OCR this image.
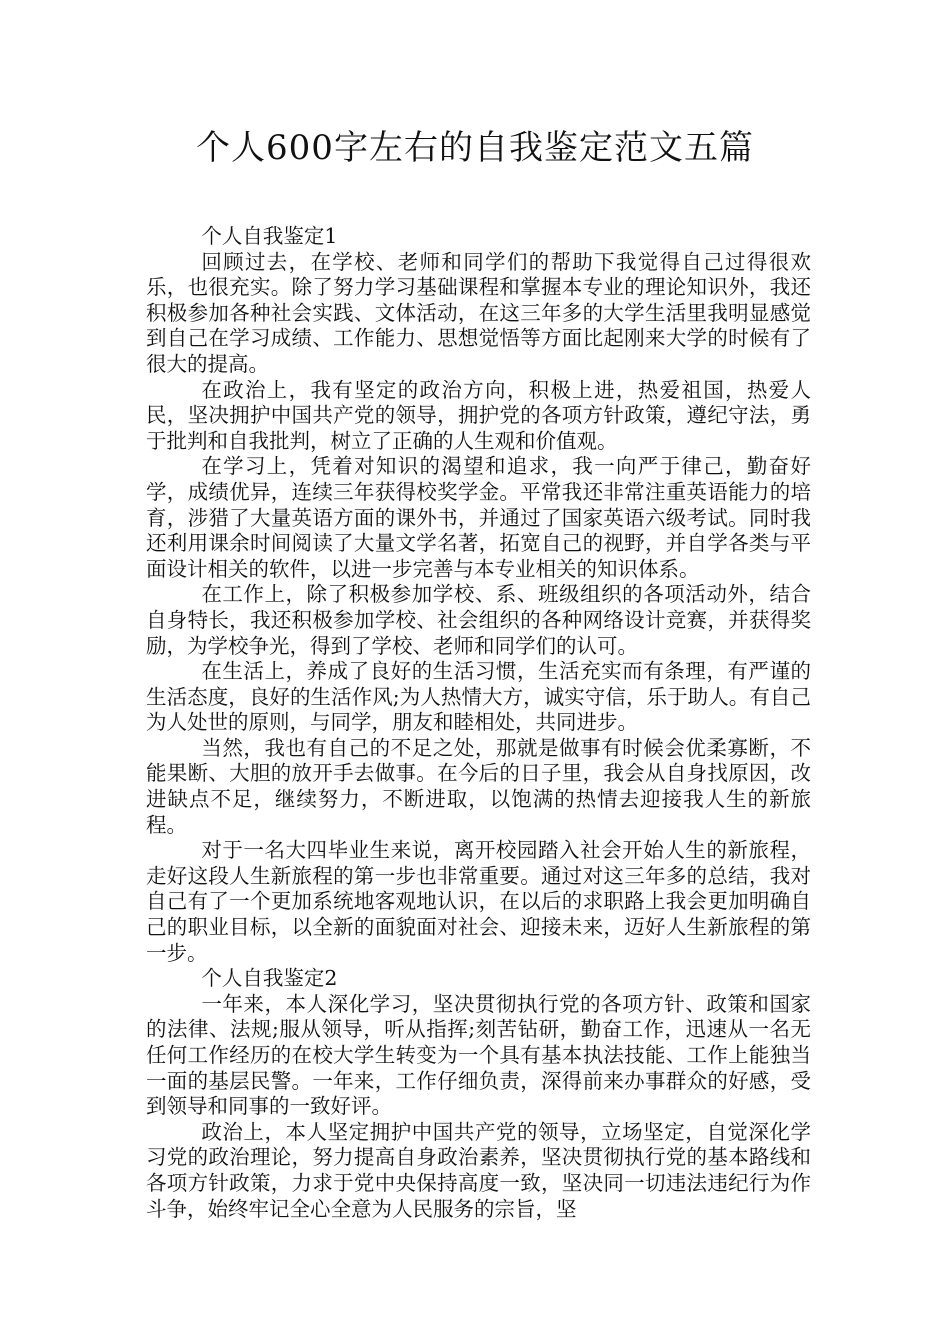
个人600字左右的自我鉴定范文五篇

个人自我鉴定1

回顾过去，在学校、老师和同学们的帮助下我觉得自己过得很欢乐，也很充实。除了努力学习基础课程和掌握本专业的理论知识外，我还积极参加各种社会实践、文体活动，在这三年多的大学生活里我明显感觉到自己在学习成绩、工作能力、思想觉悟等方面比起刚来大学的时候有了很大的提高。

在政治上，我有坚定的政治方向，积极上进，热爱祖国，热爱人民，坚决拥护中国共产党的领导，拥护党的各项方针政策，遵纪守法，勇于批判和自我批判，树立了正确的人生观和价值观。

在学习上，凭着对知识的渴望和追求，我一向严于律己，勤奋好学，成绩优异，连续三年获得校奖学金。平常我还非常注重英语能力的培育，涉猎了大量英语方面的课外书，并通过了国家英语六级考试。同时我还利用课余时间阅读了大量文学名著，拓宽自己的视野，并自学各类与平面设计相关的软件，以进一步完善与本专业相关的知识体系。

在工作上，除了积极参加学校、系、班级组织的各项活动外，结合自身特长，我还积极参加学校、社会组织的各种网络设计竞赛，并获得奖励，为学校争光，得到了学校、老师和同学们的认可。

在生活上，养成了良好的生活习惯，生活充实而有条理，有严谨的生活态度，良好的生活作风;为人热情大方，诚实守信，乐于助人。有自己为人处世的原则，与同学，朋友和睦相处，共同进步。

当然，我也有自己的不足之处，那就是做事有时候会优柔寡断，不能果断、大胆的放开手去做事。在今后的日子里，我会从自身找原因，改进缺点不足，继续努力，不断进取，以饱满的热情去迎接我人生的新旅程。

对于一名大四毕业生来说，离开校园踏入社会开始人生的新旅程，走好这段人生新旅程的第一步也非常重要。通过对这三年多的总结，我对自己有了一个更加系统地客观地认识，在以后的求职路上我会更加明确自己的职业目标，以全新的面貌面对社会、迎接未来，迈好人生新旅程的第一步。

个人自我鉴定2

一年来，本人深化学习，坚决贯彻执行党的各项方针、政策和国家的法律、法规;服从领导，听从指挥;刻苦钻研，勤奋工作，迅速从一名无任何工作经历的在校大学生转变为一个具有基本执法技能、工作上能独当一面的基层民警。一年来，工作仔细负责，深得前来办事群众的好感，受到领导和同事的一致好评。

政治上，本人坚定拥护中国共产党的领导，立场坚定，自觉深化学习党的政治理论，努力提高自身政治素养，坚决贯彻执行党的基本路线和各项方针政策，力求于党中央保持高度一致，坚决同一切违法违纪行为作斗争，始终牢记全心全意为人民服务的宗旨，坚
